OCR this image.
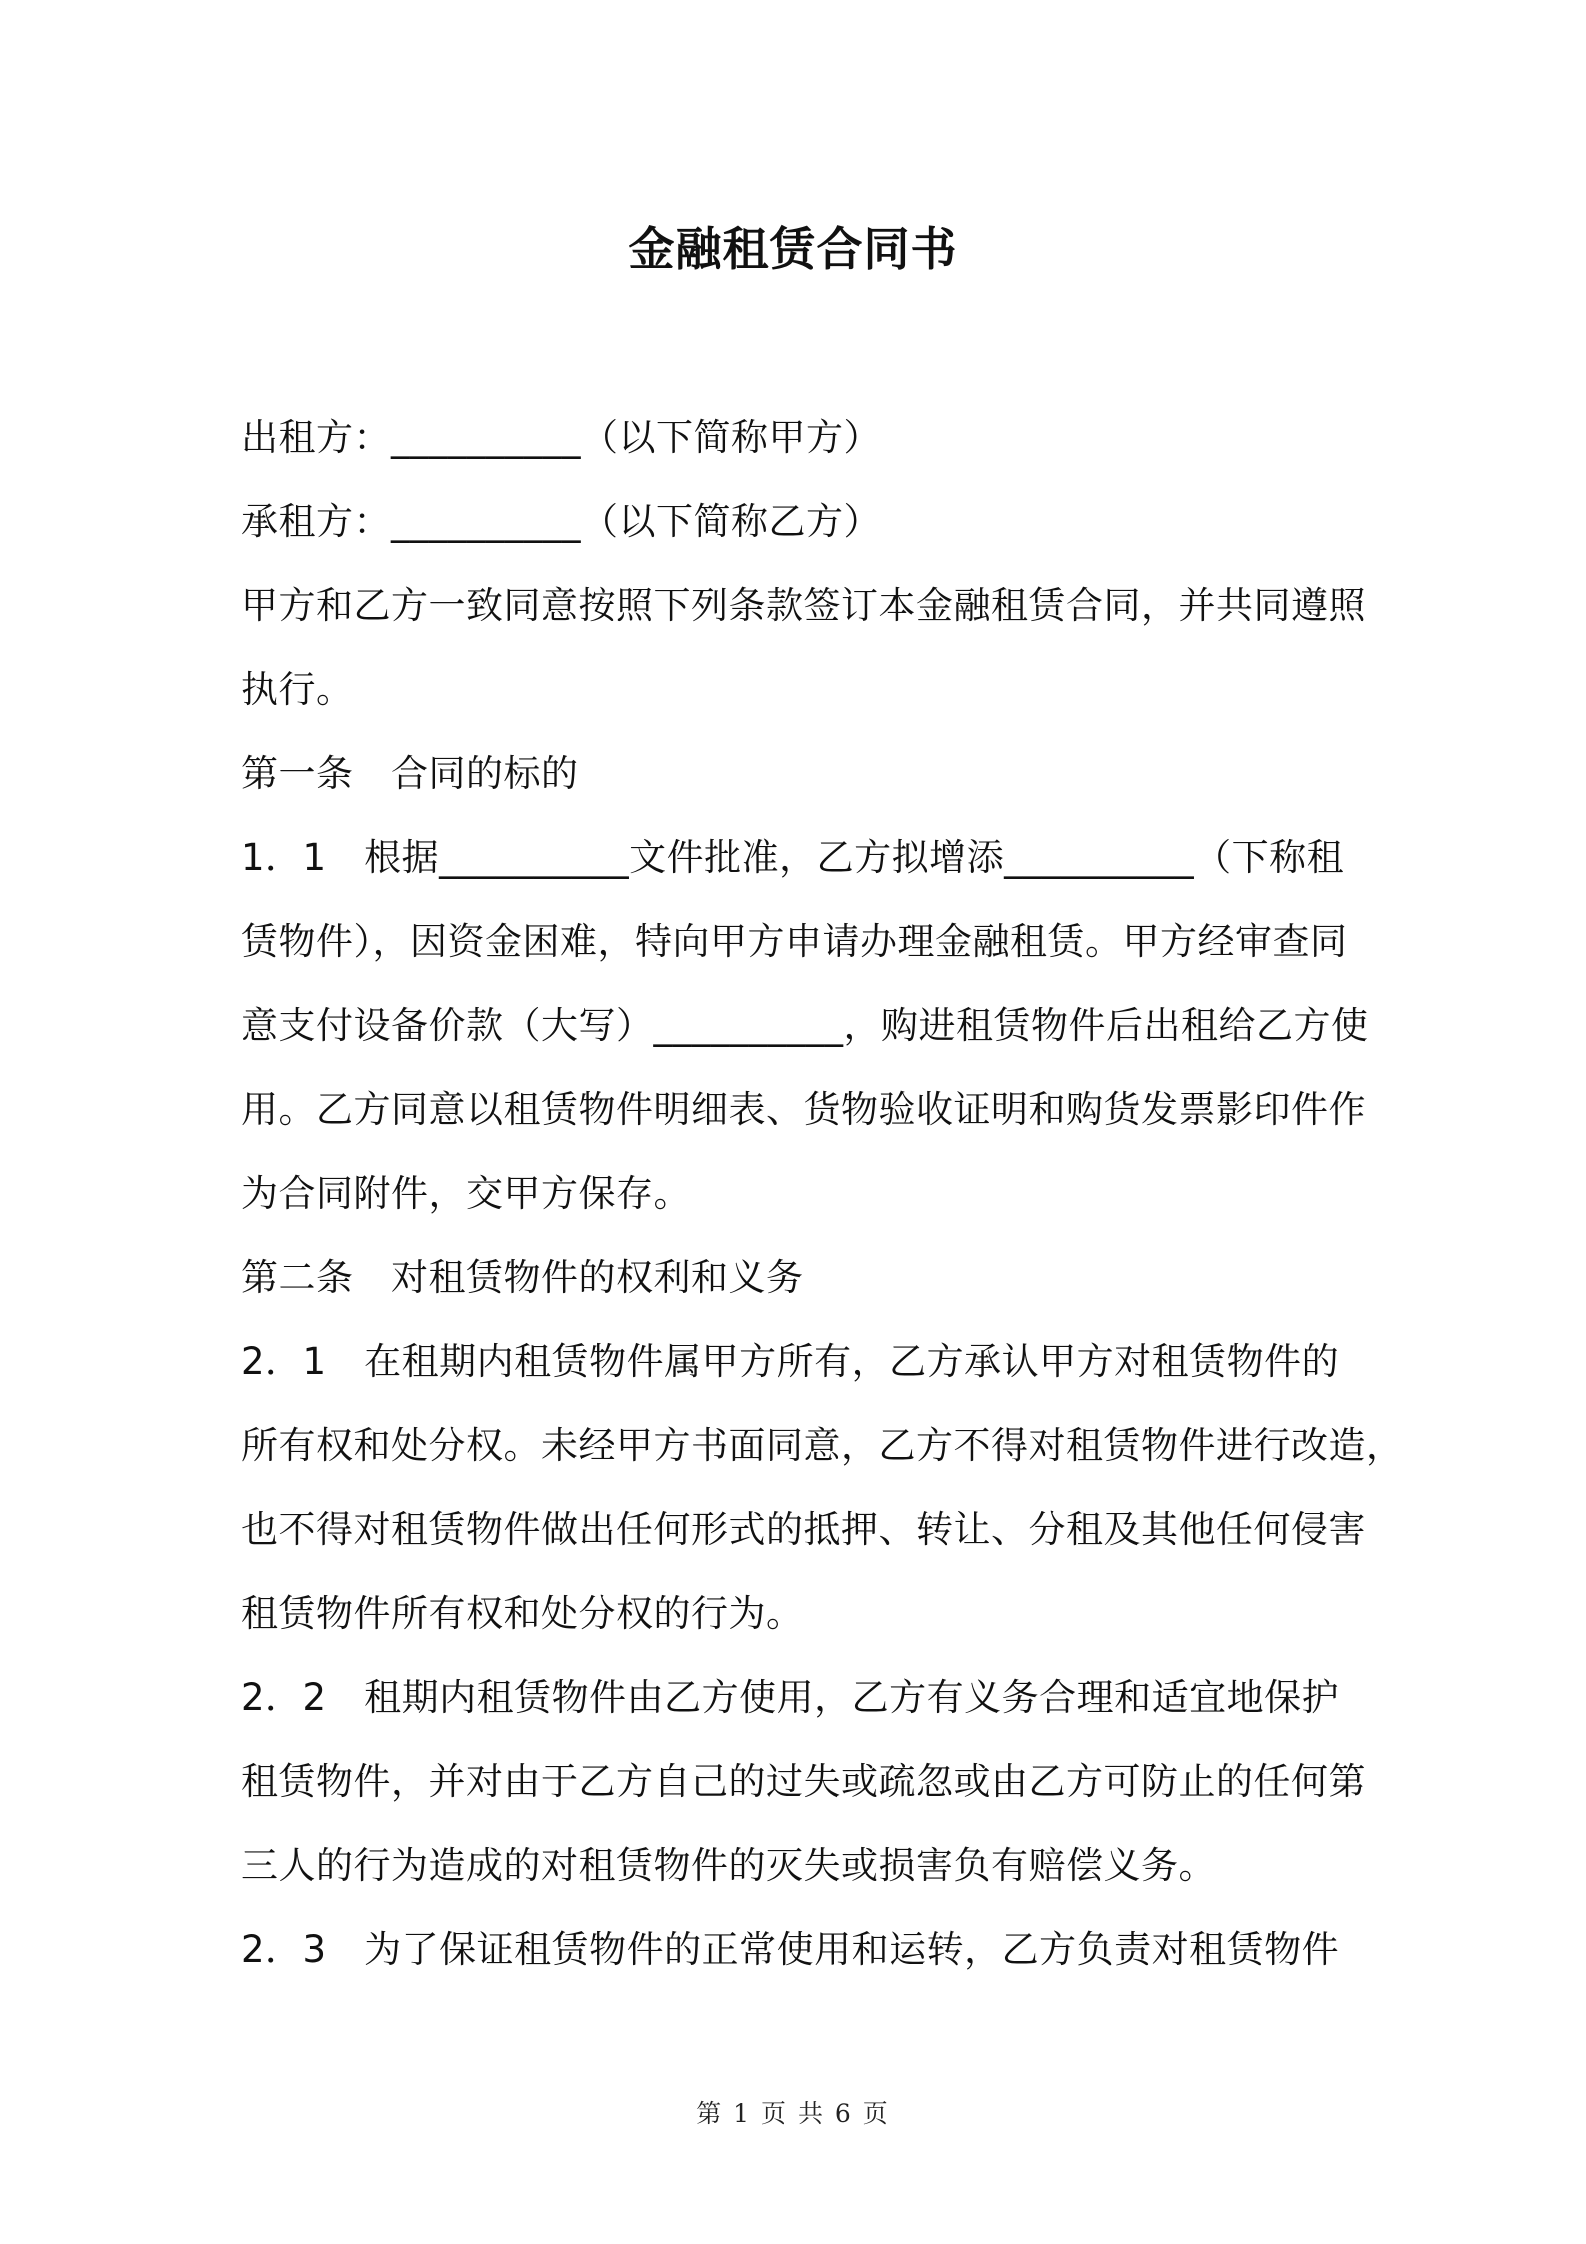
金融租赁合同书
出租方：__________（以下简称甲方）
承租方：__________（以下简称乙方）
甲方和乙方一致同意按照下列条款签订本金融租赁合同，并共同遵照
执行。
第一条　合同的标的
1．1　根据__________文件批准，乙方拟增添__________（下称租
赁物件），因资金困难，特向甲方申请办理金融租赁。甲方经审查同
意支付设备价款（大写）__________，购进租赁物件后出租给乙方使
用。乙方同意以租赁物件明细表、货物验收证明和购货发票影印件作
为合同附件，交甲方保存。
第二条　对租赁物件的权利和义务
2．1　在租期内租赁物件属甲方所有，乙方承认甲方对租赁物件的
所有权和处分权。未经甲方书面同意，乙方不得对租赁物件进行改造，
也不得对租赁物件做出任何形式的抵押、转让、分租及其他任何侵害
租赁物件所有权和处分权的行为。
2．2　租期内租赁物件由乙方使用，乙方有义务合理和适宜地保护
租赁物件，并对由于乙方自己的过失或疏忽或由乙方可防止的任何第
三人的行为造成的对租赁物件的灭失或损害负有赔偿义务。
2．3　为了保证租赁物件的正常使用和运转，乙方负责对租赁物件
第 1 页 共 6 页
